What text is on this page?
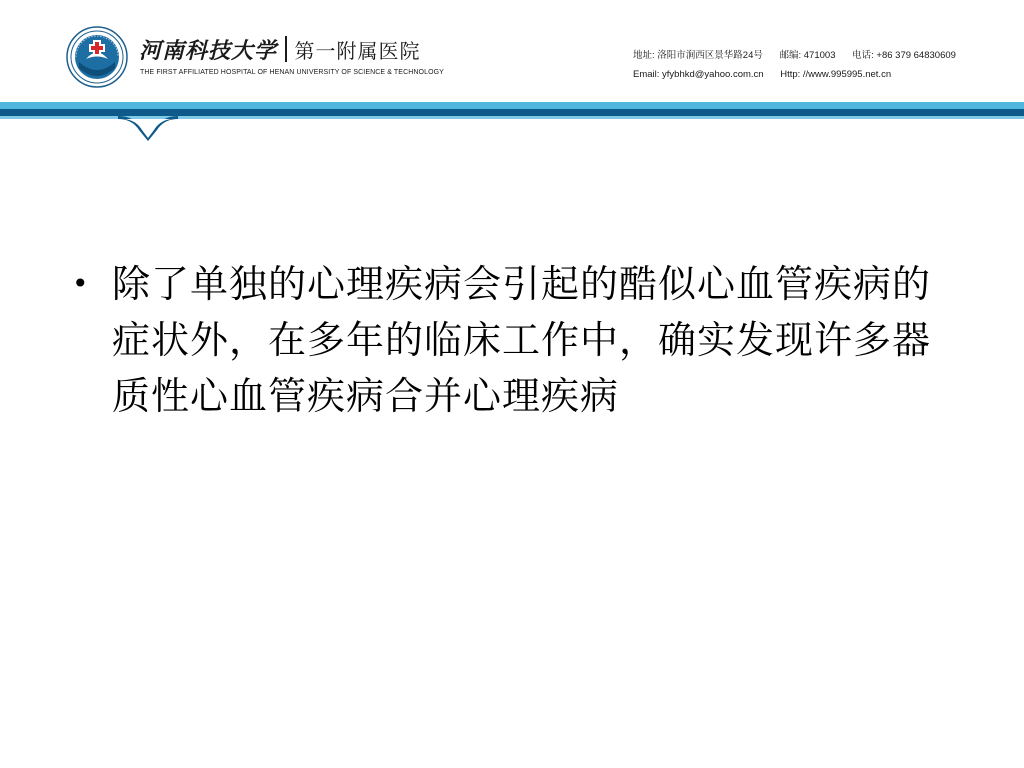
河南科技大学 第一附属医院
THE FIRST AFFILIATED HOSPITAL OF HENAN UNIVERSITY OF SCIENCE & TECHNOLOGY
地址: 洛阳市涧西区景华路24号 邮编: 471003 电话: +86 379 64830609
Email: yfybhkd@yahoo.com.cn Http: //www.995995.net.cn
• 除了单独的心理疾病会引起的酷似心血管疾病的症状外，在多年的临床工作中，确实发现许多器质性心血管疾病合并心理疾病
